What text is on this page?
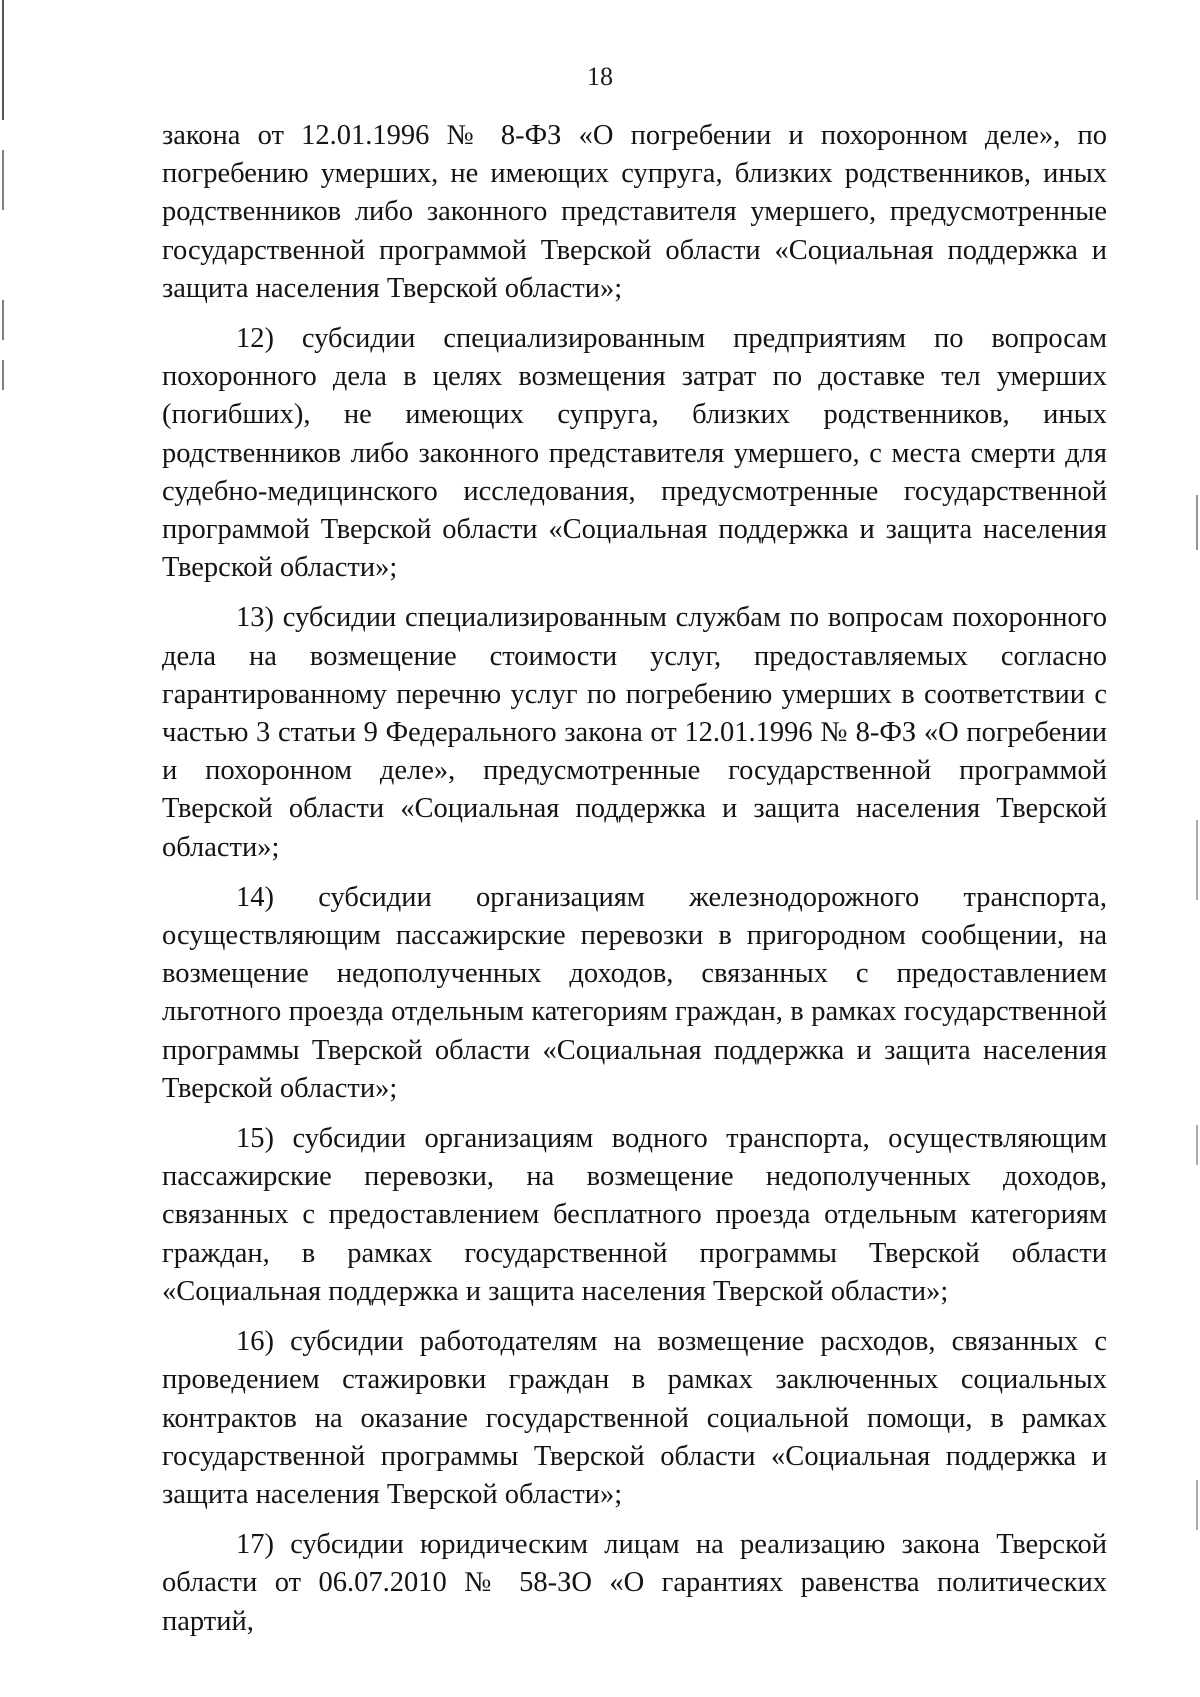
18

закона от 12.01.1996 № 8-ФЗ «О погребении и похоронном деле», по погребению умерших, не имеющих супруга, близких родственников, иных родственников либо законного представителя умершего, предусмотренные государственной программой Тверской области «Социальная поддержка и защита населения Тверской области»;

12) субсидии специализированным предприятиям по вопросам похоронного дела в целях возмещения затрат по доставке тел умерших (погибших), не имеющих супруга, близких родственников, иных родственников либо законного представителя умершего, с места смерти для судебно-медицинского исследования, предусмотренные государственной программой Тверской области «Социальная поддержка и защита населения Тверской области»;

13) субсидии специализированным службам по вопросам похоронного дела на возмещение стоимости услуг, предоставляемых согласно гарантированному перечню услуг по погребению умерших в соответствии с частью 3 статьи 9 Федерального закона от 12.01.1996 № 8-ФЗ «О погребении и похоронном деле», предусмотренные государственной программой Тверской области «Социальная поддержка и защита населения Тверской области»;

14) субсидии организациям железнодорожного транспорта, осуществляющим пассажирские перевозки в пригородном сообщении, на возмещение недополученных доходов, связанных с предоставлением льготного проезда отдельным категориям граждан, в рамках государственной программы Тверской области «Социальная поддержка и защита населения Тверской области»;

15) субсидии организациям водного транспорта, осуществляющим пассажирские перевозки, на возмещение недополученных доходов, связанных с предоставлением бесплатного проезда отдельным категориям граждан, в рамках государственной программы Тверской области «Социальная поддержка и защита населения Тверской области»;

16) субсидии работодателям на возмещение расходов, связанных с проведением стажировки граждан в рамках заключенных социальных контрактов на оказание государственной социальной помощи, в рамках государственной программы Тверской области «Социальная поддержка и защита населения Тверской области»;

17) субсидии юридическим лицам на реализацию закона Тверской области от 06.07.2010 № 58-ЗО «О гарантиях равенства политических партий,
